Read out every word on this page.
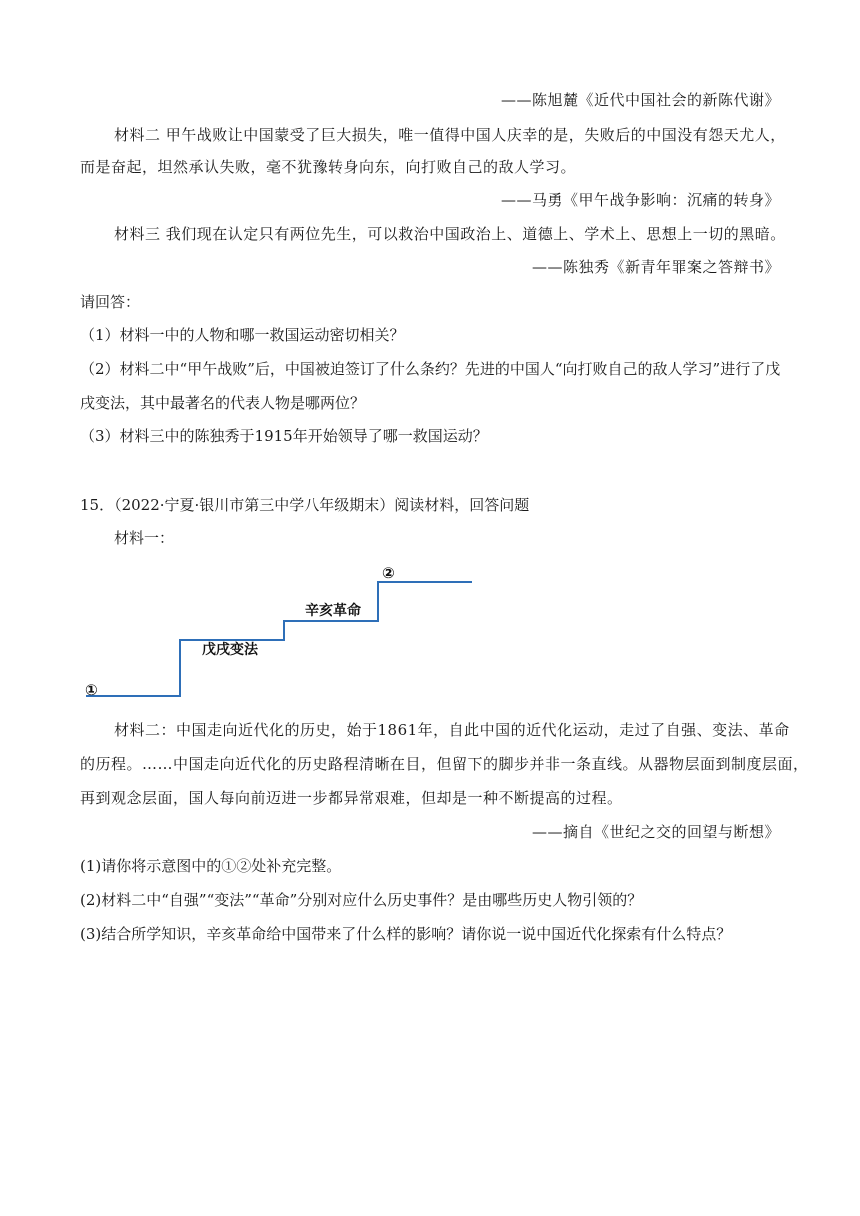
——陈旭麓《近代中国社会的新陈代谢》
材料二 甲午战败让中国蒙受了巨大损失，唯一值得中国人庆幸的是，失败后的中国没有怨天尤人，
而是奋起，坦然承认失败，毫不犹豫转身向东，向打败自己的敌人学习。
——马勇《甲午战争影响：沉痛的转身》
材料三 我们现在认定只有两位先生，可以救治中国政治上、道德上、学术上、思想上一切的黑暗。
——陈独秀《新青年罪案之答辩书》
请回答：
（1）材料一中的人物和哪一救国运动密切相关？
（2）材料二中“甲午战败”后，中国被迫签订了什么条约？先进的中国人“向打败自己的敌人学习”进行了戊
戌变法，其中最著名的代表人物是哪两位？
（3）材料三中的陈独秀于1915年开始领导了哪一救国运动？
15．（2022·宁夏·银川市第三中学八年级期末）阅读材料，回答问题
材料一：
①
戊戌变法
辛亥革命
②
材料二：中国走向近代化的历史，始于1861年，自此中国的近代化运动，走过了自强、变法、革命
的历程。……中国走向近代化的历史路程清晰在目，但留下的脚步并非一条直线。从器物层面到制度层面，
再到观念层面，国人每向前迈进一步都异常艰难，但却是一种不断提高的过程。
——摘自《世纪之交的回望与断想》
(1)请你将示意图中的①②处补充完整。
(2)材料二中“自强”“变法”“革命”分别对应什么历史事件？是由哪些历史人物引领的？
(3)结合所学知识，辛亥革命给中国带来了什么样的影响？请你说一说中国近代化探索有什么特点？
